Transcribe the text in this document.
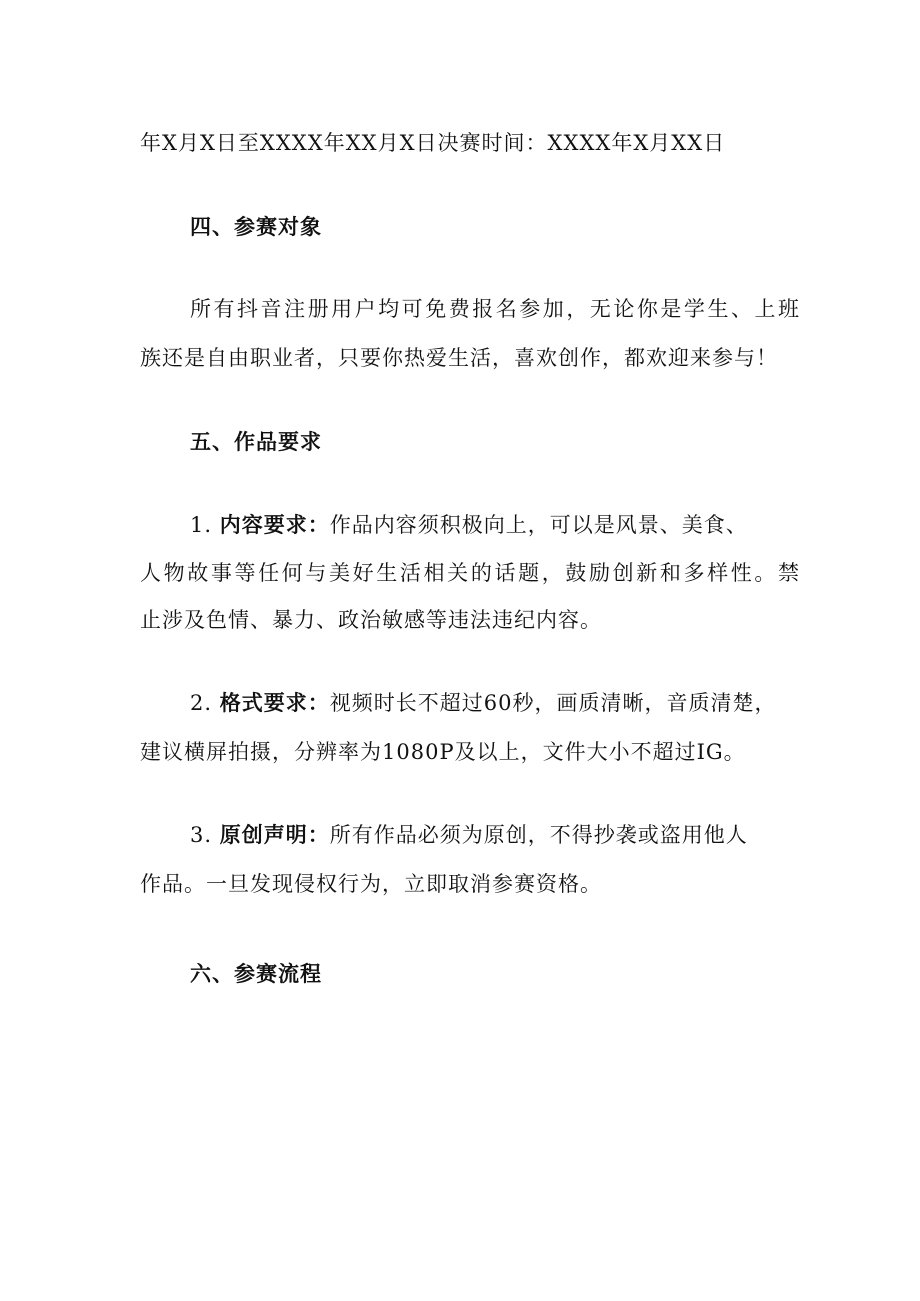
年X月X日至XXXX年XX月X日决赛时间：XXXX年X月XX日
四、参赛对象
所有抖音注册用户均可免费报名参加，无论你是学生、上班
族还是自由职业者，只要你热爱生活，喜欢创作，都欢迎来参与！
五、作品要求
1. 内容要求：作品内容须积极向上，可以是风景、美食、
人物故事等任何与美好生活相关的话题，鼓励创新和多样性。禁
止涉及色情、暴力、政治敏感等违法违纪内容。
2. 格式要求：视频时长不超过60秒，画质清晰，音质清楚，
建议横屏拍摄，分辨率为1080P及以上，文件大小不超过IG。
3. 原创声明：所有作品必须为原创，不得抄袭或盗用他人
作品。一旦发现侵权行为，立即取消参赛资格。
六、参赛流程
